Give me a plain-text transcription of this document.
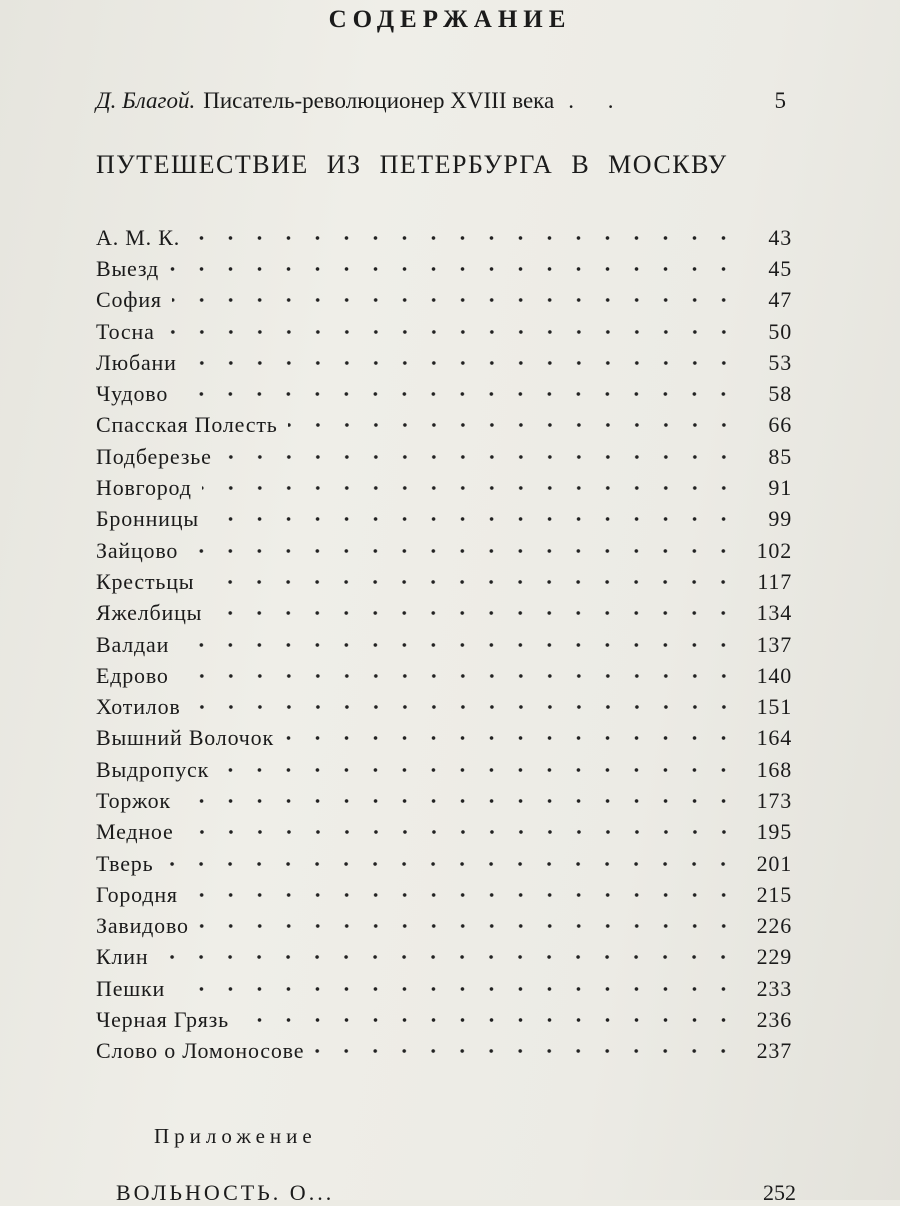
СОДЕРЖАНИЕ
Д. Благой. Писатель-революционер XVIII века . .	5
ПУТЕШЕСТВИЕ ИЗ ПЕТЕРБУРГА В МОСКВУ
А. М. К.	43
Выезд	45
София	47
Тосна	50
Любани	53
Чудово	58
Спасская Полесть	66
Подберезье	85
Новгород	91
Бронницы	99
Зайцово	102
Крестьцы	117
Яжелбицы	134
Валдаи	137
Едрово	140
Хотилов	151
Вышний Волочок	164
Выдропуск	168
Торжок	173
Медное	195
Тверь	201
Городня	215
Завидово	226
Клин	229
Пешки	233
Черная Грязь	236
Слово о Ломоносове	237
Приложение
ВОЛЬНОСТЬ. О...	252
